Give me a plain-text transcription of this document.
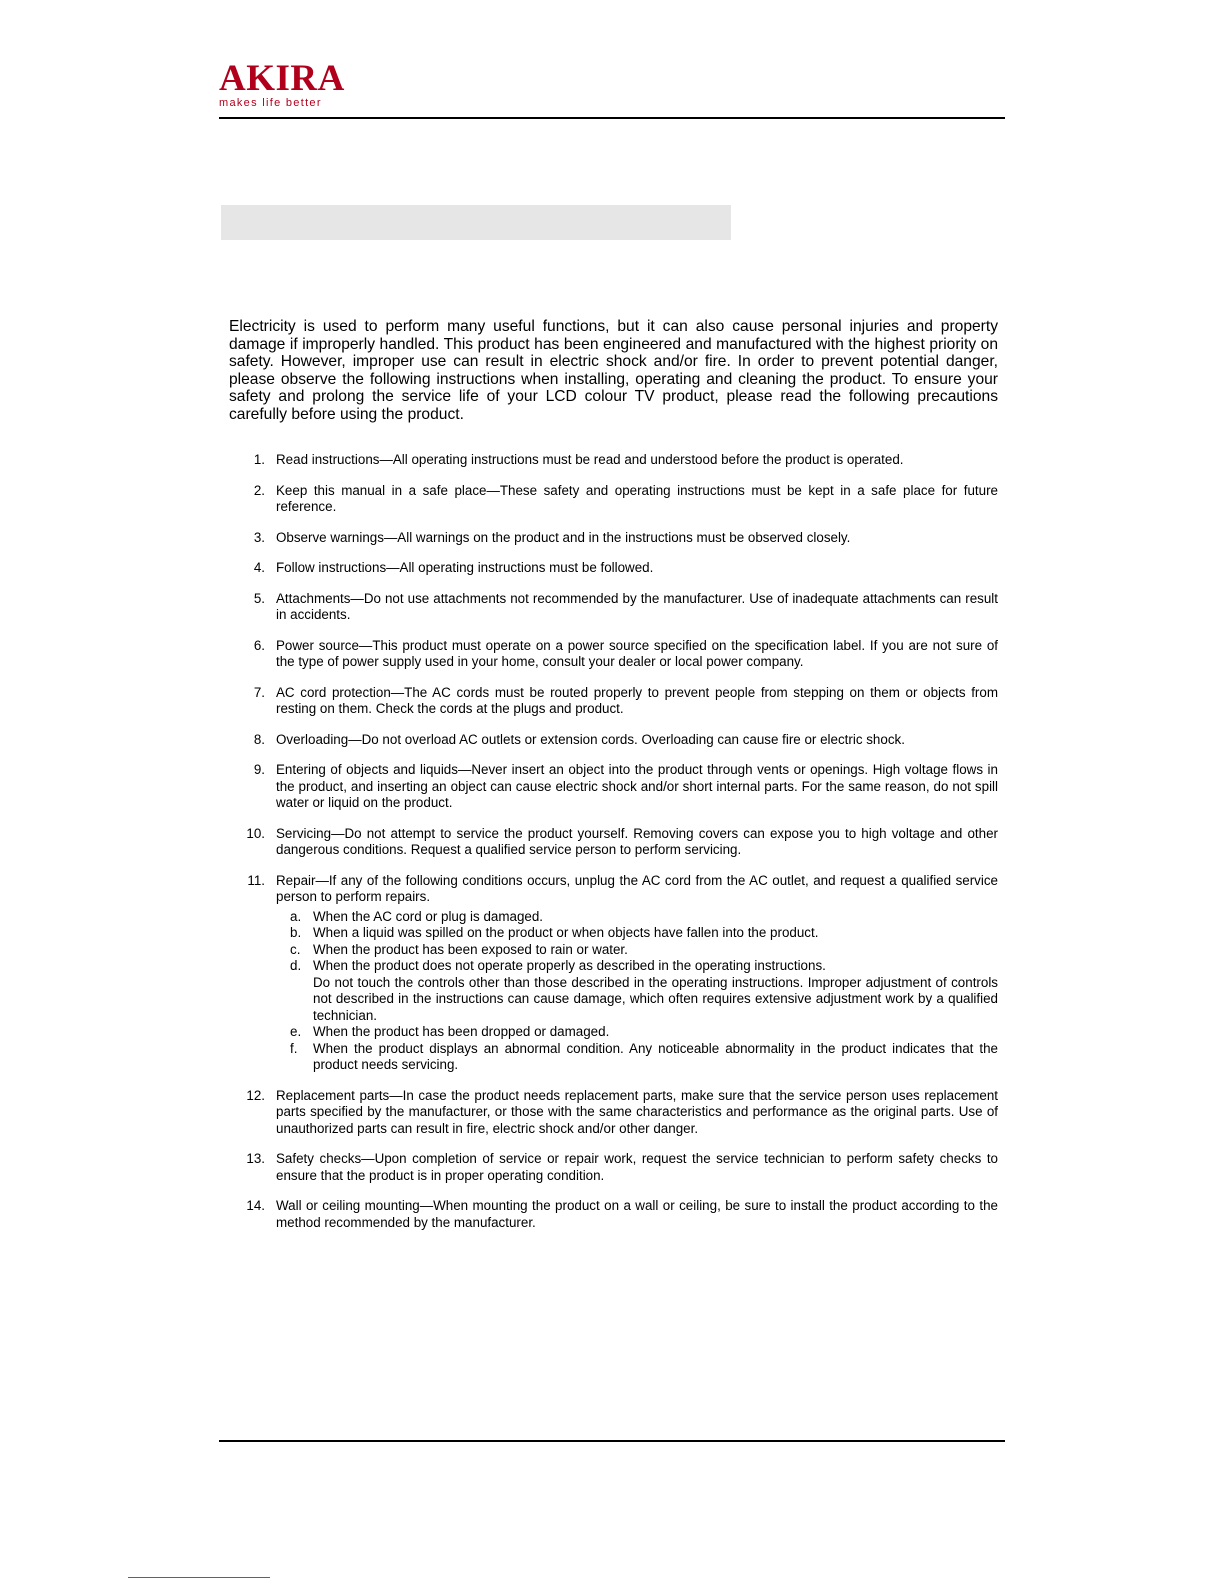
AKIRA
makes life better

Electricity is used to perform many useful functions, but it can also cause personal injuries and property damage if improperly handled. This product has been engineered and manufactured with the highest priority on safety. However, improper use can result in electric shock and/or fire. In order to prevent potential danger, please observe the following instructions when installing, operating and cleaning the product. To ensure your safety and prolong the service life of your LCD colour TV product, please read the following precautions carefully before using the product.

1. Read instructions—All operating instructions must be read and understood before the product is operated.
2. Keep this manual in a safe place—These safety and operating instructions must be kept in a safe place for future reference.
3. Observe warnings—All warnings on the product and in the instructions must be observed closely.
4. Follow instructions—All operating instructions must be followed.
5. Attachments—Do not use attachments not recommended by the manufacturer. Use of inadequate attachments can result in accidents.
6. Power source—This product must operate on a power source specified on the specification label. If you are not sure of the type of power supply used in your home, consult your dealer or local power company.
7. AC cord protection—The AC cords must be routed properly to prevent people from stepping on them or objects from resting on them. Check the cords at the plugs and product.
8. Overloading—Do not overload AC outlets or extension cords. Overloading can cause fire or electric shock.
9. Entering of objects and liquids—Never insert an object into the product through vents or openings. High voltage flows in the product, and inserting an object can cause electric shock and/or short internal parts. For the same reason, do not spill water or liquid on the product.
10. Servicing—Do not attempt to service the product yourself. Removing covers can expose you to high voltage and other dangerous conditions. Request a qualified service person to perform servicing.
11. Repair—If any of the following conditions occurs, unplug the AC cord from the AC outlet, and request a qualified service person to perform repairs.
a. When the AC cord or plug is damaged.
b. When a liquid was spilled on the product or when objects have fallen into the product.
c. When the product has been exposed to rain or water.
d. When the product does not operate properly as described in the operating instructions.
Do not touch the controls other than those described in the operating instructions. Improper adjustment of controls not described in the instructions can cause damage, which often requires extensive adjustment work by a qualified technician.
e. When the product has been dropped or damaged.
f. When the product displays an abnormal condition. Any noticeable abnormality in the product indicates that the product needs servicing.
12. Replacement parts—In case the product needs replacement parts, make sure that the service person uses replacement parts specified by the manufacturer, or those with the same characteristics and performance as the original parts. Use of unauthorized parts can result in fire, electric shock and/or other danger.
13. Safety checks—Upon completion of service or repair work, request the service technician to perform safety checks to ensure that the product is in proper operating condition.
14. Wall or ceiling mounting—When mounting the product on a wall or ceiling, be sure to install the product according to the method recommended by the manufacturer.
